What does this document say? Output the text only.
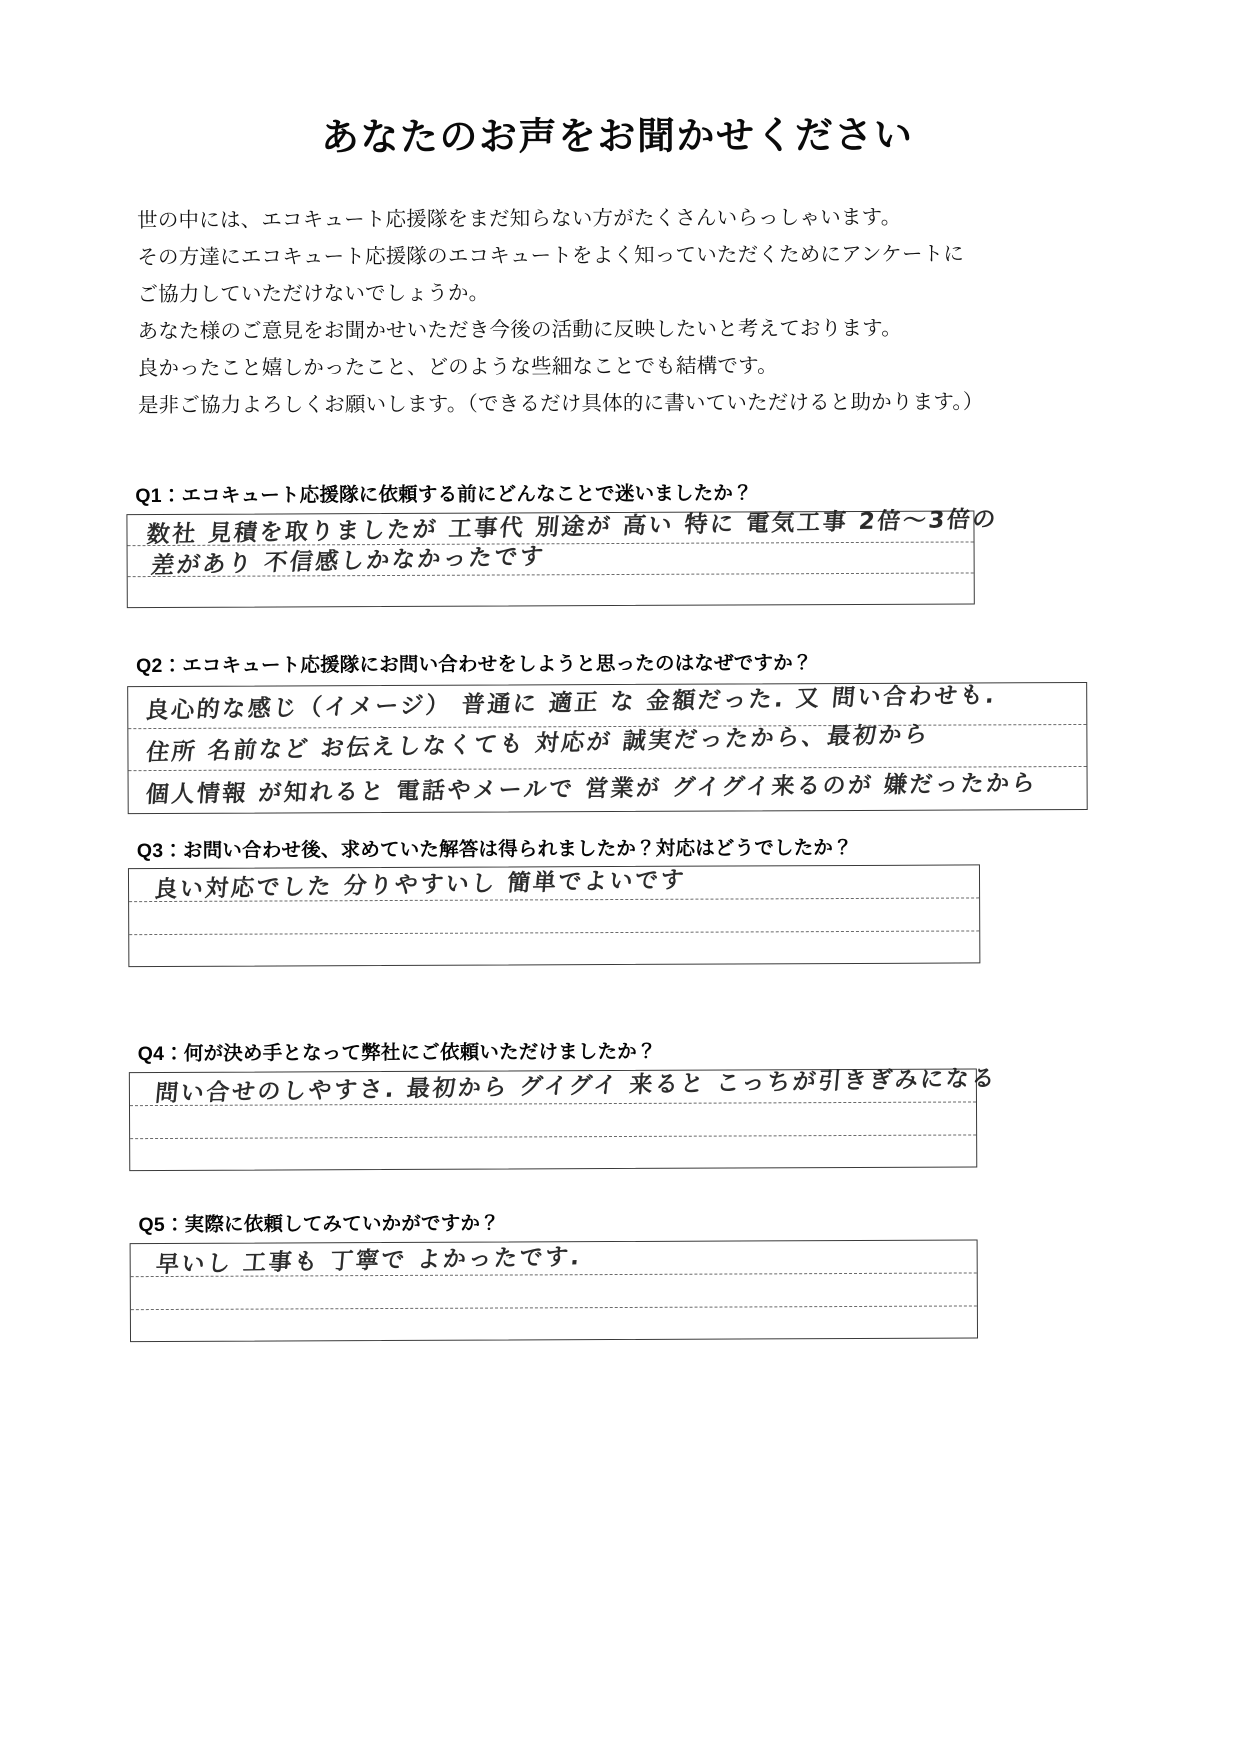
あなたのお声をお聞かせください
世の中には、エコキュート応援隊をまだ知らない方がたくさんいらっしゃいます。
その方達にエコキュート応援隊のエコキュートをよく知っていただくためにアンケートに
ご協力していただけないでしょうか。
あなた様のご意見をお聞かせいただき今後の活動に反映したいと考えております。
良かったこと嬉しかったこと、どのような些細なことでも結構です。
是非ご協力よろしくお願いします。（できるだけ具体的に書いていただけると助かります。）
Q1：エコキュート応援隊に依頼する前にどんなことで迷いましたか？
数社 見積を取りましたが 工事代 別途が 高い 特に 電気工事 2倍～3倍の
差があり 不信感しかなかったです
Q2：エコキュート応援隊にお問い合わせをしようと思ったのはなぜですか？
良心的な感じ（イメージ） 普通に 適正 な 金額だった. 又 問い合わせも.
住所 名前など お伝えしなくても 対応が 誠実だったから、最初から
個人情報 が知れると 電話やメールで 営業が グイグイ来るのが 嫌だったから
Q3：お問い合わせ後、求めていた解答は得られましたか？対応はどうでしたか？
良い対応でした 分りやすいし 簡単でよいです
Q4：何が決め手となって弊社にご依頼いただけましたか？
問い合せのしやすさ. 最初から グイグイ 来ると こっちが引きぎみになる
Q5：実際に依頼してみていかがですか？
早いし 工事も 丁寧で よかったです.
